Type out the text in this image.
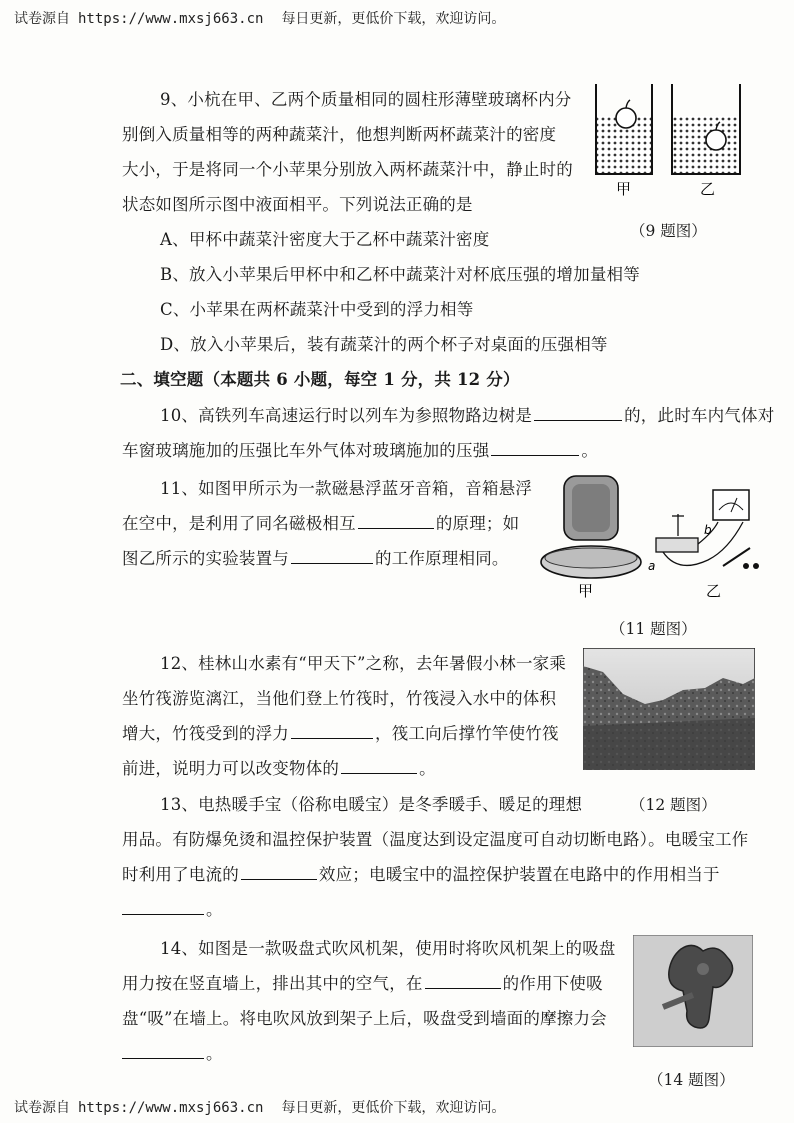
试卷源自 https://www.mxsj663.cn 每日更新，更低价下载，欢迎访问。
试卷源自 https://www.mxsj663.cn 每日更新，更低价下载，欢迎访问。
9、小杭在甲、乙两个质量相同的圆柱形薄壁玻璃杯内分
别倒入质量相等的两种蔬菜汁，他想判断两杯蔬菜汁的密度
大小，于是将同一个小苹果分别放入两杯蔬菜汁中，静止时的
状态如图所示图中液面相平。下列说法正确的是
A、甲杯中蔬菜汁密度大于乙杯中蔬菜汁密度
B、放入小苹果后甲杯中和乙杯中蔬菜汁对杯底压强的增加量相等
C、小苹果在两杯蔬菜汁中受到的浮力相等
D、放入小苹果后，装有蔬菜汁的两个杯子对桌面的压强相等
甲	乙
（9 题图）
二、填空题（本题共 6 小题，每空 1 分，共 12 分）
10、高铁列车高速运行时以列车为参照物路边树是	的，此时车内气体对
车窗玻璃施加的压强比车外气体对玻璃施加的压强	。
11、如图甲所示为一款磁悬浮蓝牙音箱，音箱悬浮
在空中，是利用了同名磁极相互	的原理；如
图乙所示的实验装置与	的工作原理相同。	a
b
甲	乙
（11 题图）
12、桂林山水素有“甲天下”之称，去年暑假小林一家乘
坐竹筏游览漓江，当他们登上竹筏时，竹筏浸入水中的体积
增大，竹筏受到的浮力	，筏工向后撑竹竿使竹筏
前进，说明力可以改变物体的	。
（12 题图）
13、电热暖手宝（俗称电暖宝）是冬季暖手、暖足的理想
用品。有防爆免烫和温控保护装置（温度达到设定温度可自动切断电路）。电暖宝工作
时利用了电流的	效应；电暖宝中的温控保护装置在电路中的作用相当于
。
14、如图是一款吸盘式吹风机架，使用时将吹风机架上的吸盘
用力按在竖直墙上，排出其中的空气，在	的作用下使吸
盘“吸”在墙上。将电吹风放到架子上后，吸盘受到墙面的摩擦力会
。
（14 题图）
